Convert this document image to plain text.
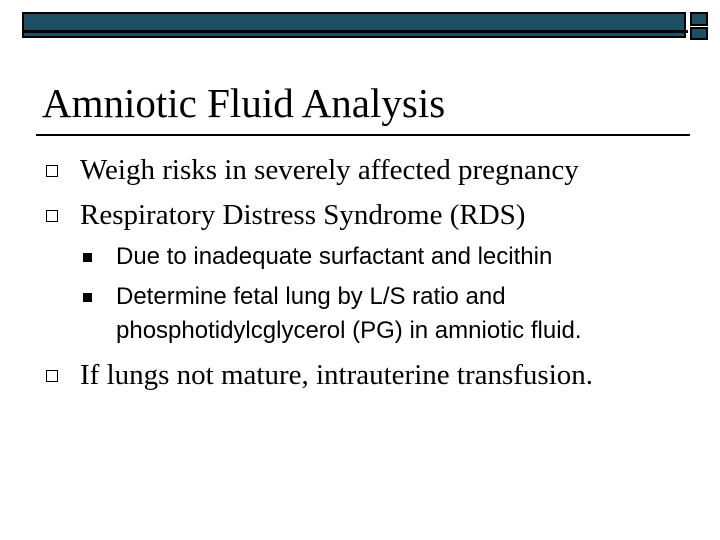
Amniotic Fluid Analysis
Weigh risks in severely affected pregnancy
Respiratory Distress Syndrome (RDS)
Due to inadequate surfactant and lecithin
Determine fetal lung by L/S ratio and
phosphotidylcglycerol (PG) in amniotic fluid.
If lungs not mature, intrauterine transfusion.
